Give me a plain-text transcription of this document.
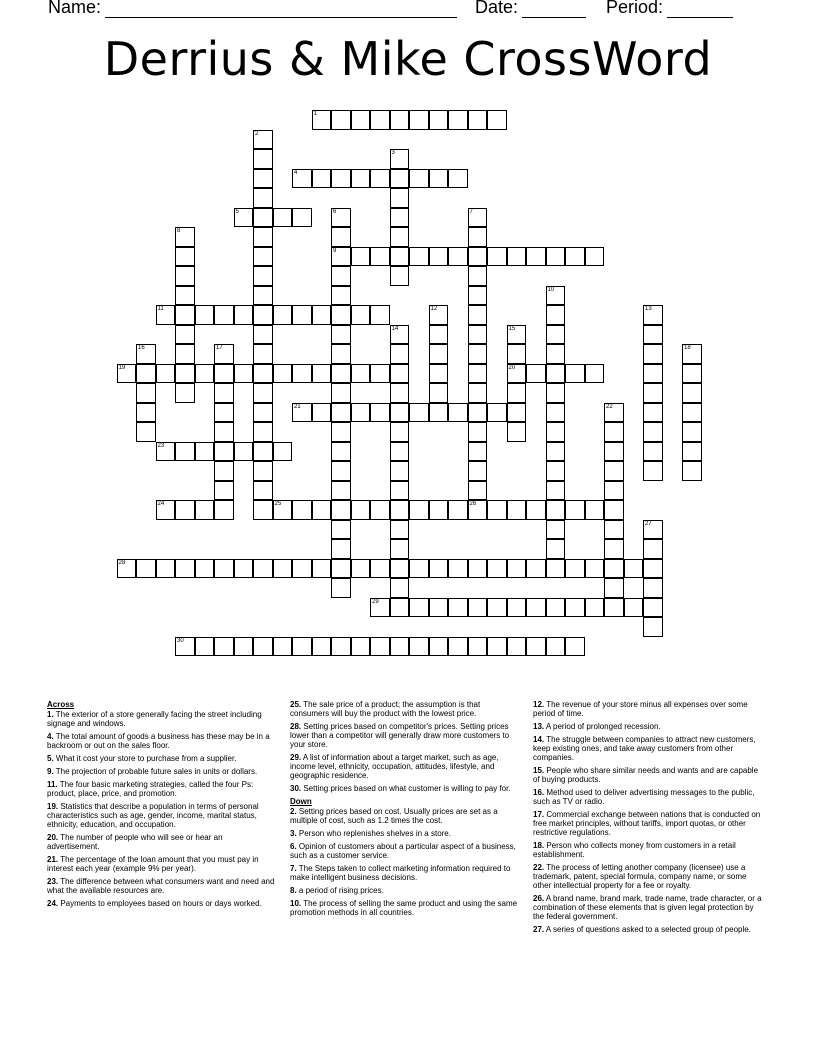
Name:	Date:	Period:
Derrius & Mike CrossWord
1
2
3
4
5	6
9
7
26
8
10
11	12	13
14	15
20
16	17	18
19
21	22
23
24	25
27
28
29
30
Across
1. The exterior of a store generally facing the street including signage and windows.
4. The total amount of goods a business has these may be in a backroom or out on the sales floor.
5. What it cost your store to purchase from a supplier.
9. The projection of probable future sales in units or dollars.
11. The four basic marketing strategies, called the four Ps: product, place, price, and promotion.
19. Statistics that describe a population in terms of personal characteristics such as age, gender, income, marital status, ethnicity, education, and occupation.
20. The number of people who will see or hear an advertisement.
21. The percentage of the loan amount that you must pay in interest each year (example 9% per year).
23. The difference between what consumers want and need and what the available resources are.
24. Payments to employees based on hours or days worked.
25. The sale price of a product; the assumption is that consumers will buy the product with the lowest price.
28. Setting prices based on competitor's prices. Setting prices lower than a competitor will generally draw more customers to your store.
29. A list of information about a target market, such as age, income level, ethnicity, occupation, attitudes, lifestyle, and geographic residence.
30. Setting prices based on what customer is willing to pay for.
Down
2. Setting prices based on cost. Usually prices are set as a multiple of cost, such as 1.2 times the cost.
3. Person who replenishes shelves in a store.
6. Opinion of customers about a particular aspect of a business, such as a customer service.
7. The Steps taken to collect marketing information required to make intelligent business decisions.
8. a period of rising prices.
10. The process of selling the same product and using the same promotion methods in all countries.
12. The revenue of your store minus all expenses over some period of time.
13. A period of prolonged recession.
14. The struggle between companies to attract new customers, keep existing ones, and take away customers from other companies.
15. People who share similar needs and wants and are capable of buying products.
16. Method used to deliver advertising messages to the public, such as TV or radio.
17. Commercial exchange between nations that is conducted on free market principles, without tariffs, import quotas, or other restrictive regulations.
18. Person who collects money from customers in a retail establishment.
22. The process of letting another company (licensee) use a trademark, patent, special formula, company name, or some other intellectual property for a fee or royalty.
26. A brand name, brand mark, trade name, trade character, or a combination of these elements that is given legal protection by the federal government.
27. A series of questions asked to a selected group of people.
